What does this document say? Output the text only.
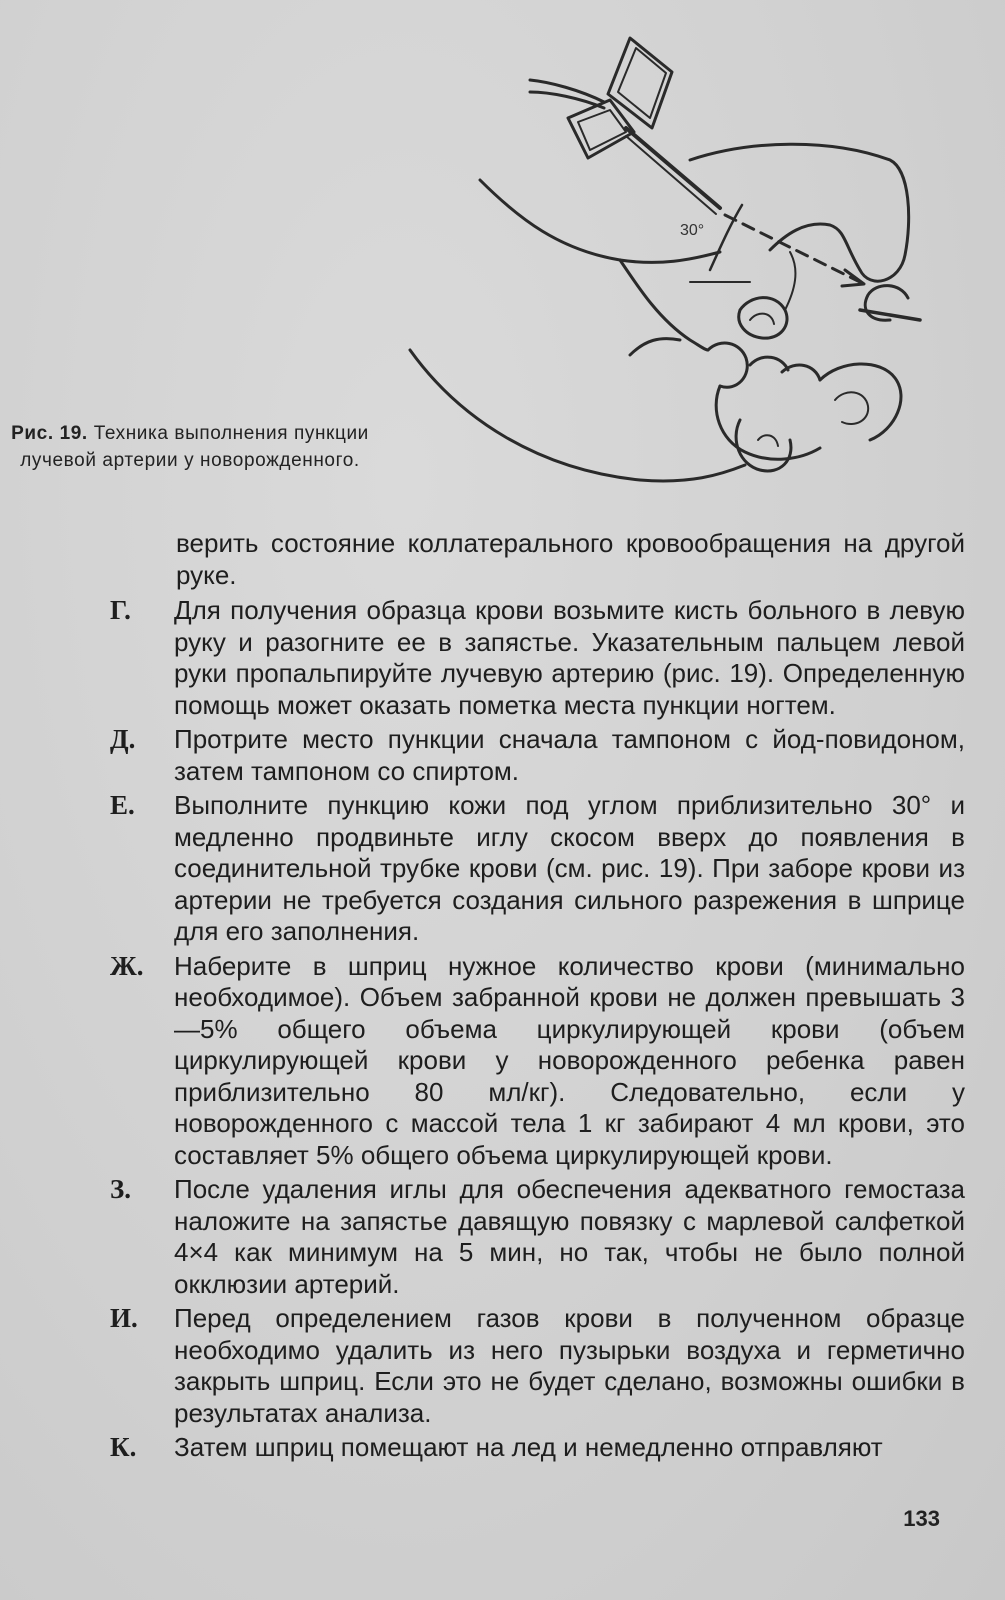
30°
Рис. 19. Техника выполнения пункции лучевой артерии у новорожденного.
верить состояние коллатерального кровообращения на другой руке.
Г.	Для получения образца крови возьмите кисть больного в левую руку и разогните ее в запястье. Указательным пальцем левой руки пропальпируйте лучевую артерию (рис. 19). Определенную помощь может оказать пометка места пункции ногтем.
Д.	Протрите место пункции сначала тампоном с йод-повидоном, затем тампоном со спиртом.
Е.	Выполните пункцию кожи под углом приблизительно 30° и медленно продвиньте иглу скосом вверх до появления в соединительной трубке крови (см. рис. 19). При заборе крови из артерии не требуется создания сильного разрежения в шприце для его заполнения.
Ж.	Наберите в шприц нужное количество крови (минимально необходимое). Объем забранной крови не должен превышать 3—5% общего объема циркулирующей крови (объем циркулирующей крови у новорожденного ребенка равен приблизительно 80 мл/кг). Следовательно, если у новорожденного с массой тела 1 кг забирают 4 мл крови, это составляет 5% общего объема циркулирующей крови.
З.	После удаления иглы для обеспечения адекватного гемостаза наложите на запястье давящую повязку с марлевой салфеткой 4×4 как минимум на 5 мин, но так, чтобы не было полной окклюзии артерий.
И.	Перед определением газов крови в полученном образце необходимо удалить из него пузырьки воздуха и герметично закрыть шприц. Если это не будет сделано, возможны ошибки в результатах анализа.
К.	Затем шприц помещают на лед и немедленно отправляют
133
